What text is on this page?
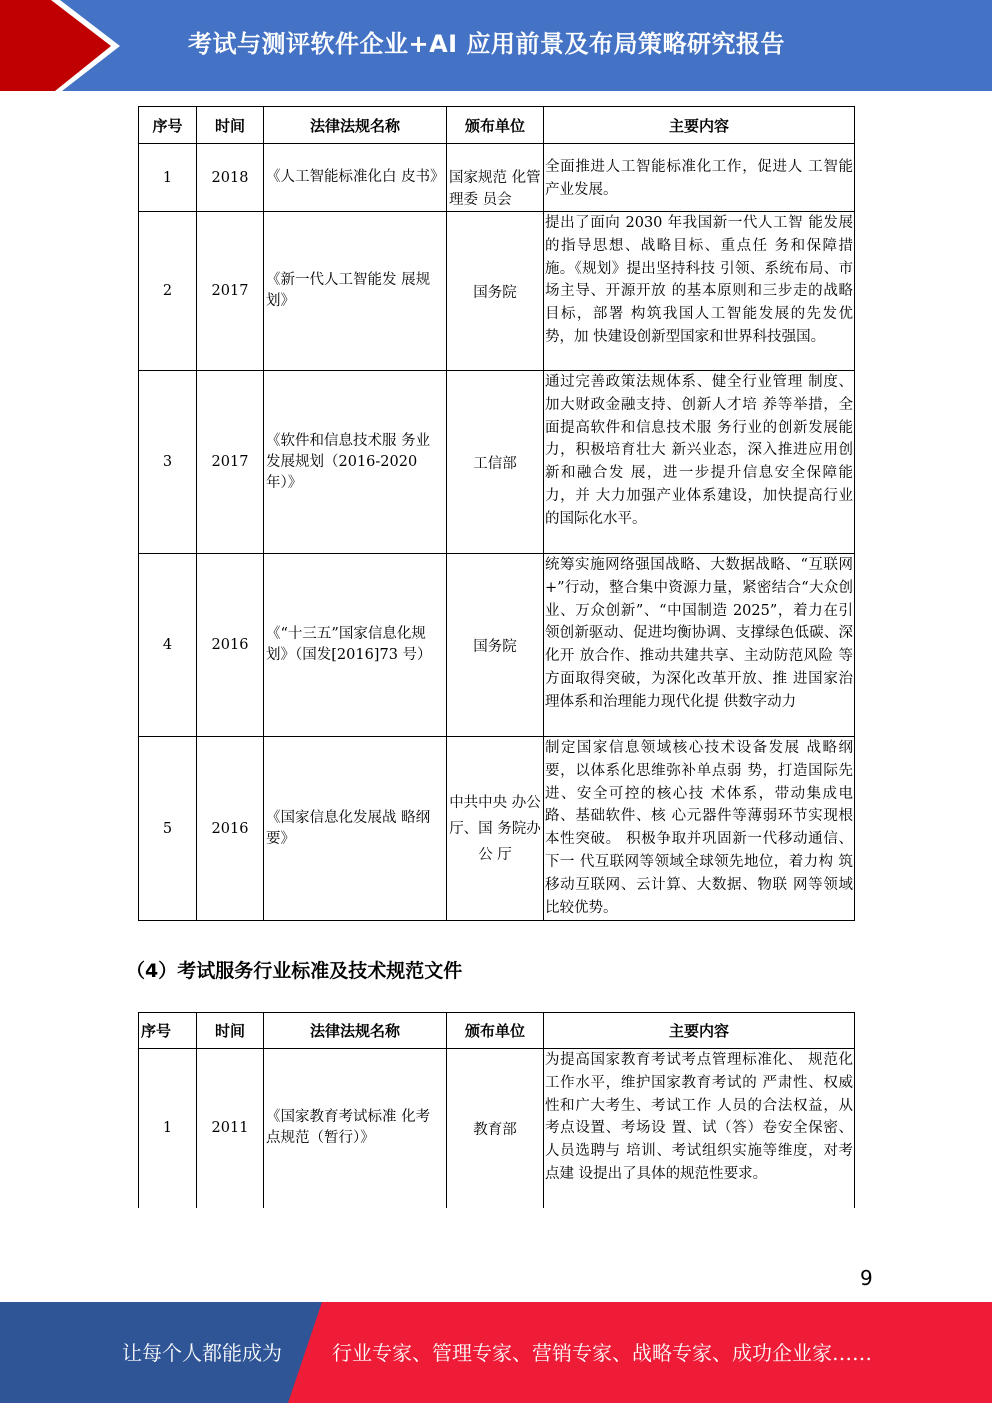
考试与测评软件企业+AI 应用前景及布局策略研究报告
序号	时间	法律法规名称	颁布单位	主要内容
1	2018	《人工智能标准化白 皮书》	国家规范 化管理委 员会	全面推进人工智能标准化工作，促进人 工智能产业发展。
2	2017	《新一代人工智能发 展规划》	国务院	提出了面向 2030 年我国新一代人工智 能发展的指导思想、战略目标、重点任 务和保障措施。《规划》提出坚持科技 引领、系统布局、市场主导、开源开放 的基本原则和三步走的战略目标，部署 构筑我国人工智能发展的先发优势，加 快建设创新型国家和世界科技强国。
3	2017	《软件和信息技术服 务业发展规划（2016-2020 年）》	工信部	通过完善政策法规体系、健全行业管理 制度、加大财政金融支持、创新人才培 养等举措，全面提高软件和信息技术服 务行业的创新发展能力，积极培育壮大 新兴业态，深入推进应用创新和融合发 展，进一步提升信息安全保障能力，并 大力加强产业体系建设，加快提高行业 的国际化水平。
4	2016	《“十三五”国家信息化规划》（国发[2016]73 号）	国务院	统筹实施网络强国战略、大数据战略、“互联网+”行动，整合集中资源力量，紧密结合“大众创业、万众创新”、“中国制造 2025”，着力在引领创新驱动、促进均衡协调、支撑绿色低碳、深化开 放合作、推动共建共享、主动防范风险 等方面取得突破，为深化改革开放、推 进国家治理体系和治理能力现代化提 供数字动力
5	2016	《国家信息化发展战 略纲要》	中共中央 办公厅、国 务院办公 厅	制定国家信息领域核心技术设备发展 战略纲要，以体系化思维弥补单点弱 势，打造国际先进、安全可控的核心技 术体系，带动集成电路、基础软件、核 心元器件等薄弱环节实现根本性突破。 积极争取并巩固新一代移动通信、下一 代互联网等领域全球领先地位，着力构 筑移动互联网、云计算、大数据、物联 网等领域比较优势。
（4）考试服务行业标准及技术规范文件
序号	时间	法律法规名称	颁布单位	主要内容
1	2011	《国家教育考试标准 化考点规范（暂行）》	教育部	为提高国家教育考试考点管理标准化、 规范化工作水平，维护国家教育考试的 严肃性、权威性和广大考生、考试工作 人员的合法权益，从考点设置、考场设 置、试（答）卷安全保密、人员选聘与 培训、考试组织实施等维度，对考点建 设提出了具体的规范性要求。
9
让每个人都能成为	行业专家、管理专家、营销专家、战略专家、成功企业家……
